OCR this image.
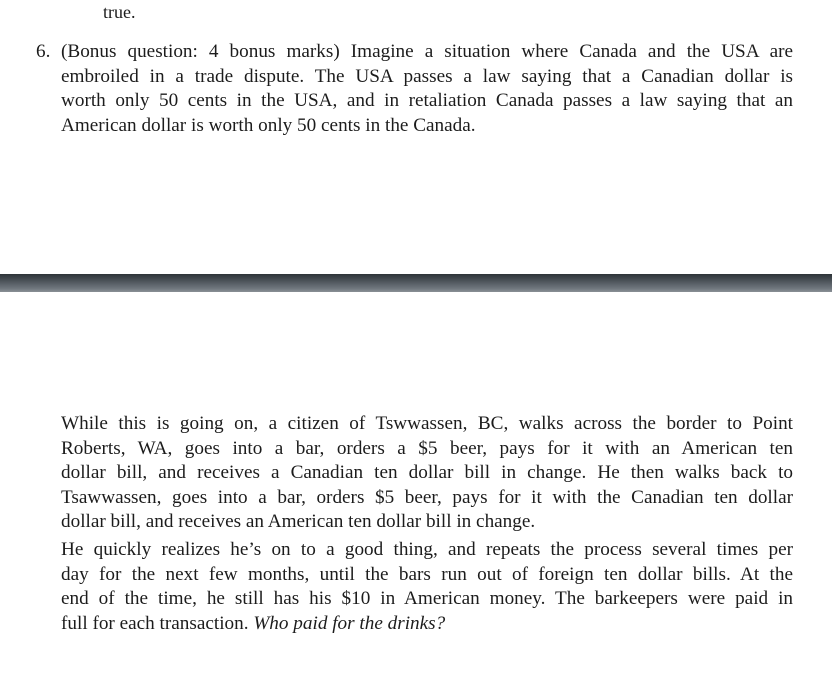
true.

6. (Bonus question: 4 bonus marks) Imagine a situation where Canada and the USA are
embroiled in a trade dispute. The USA passes a law saying that a Canadian dollar is
worth only 50 cents in the USA, and in retaliation Canada passes a law saying that an
American dollar is worth only 50 cents in the Canada.

While this is going on, a citizen of Tswwassen, BC, walks across the border to Point
Roberts, WA, goes into a bar, orders a $5 beer, pays for it with an American ten
dollar bill, and receives a Canadian ten dollar bill in change. He then walks back to
Tsawwassen, goes into a bar, orders $5 beer, pays for it with the Canadian ten dollar
dollar bill, and receives an American ten dollar bill in change.

He quickly realizes he’s on to a good thing, and repeats the process several times per
day for the next few months, until the bars run out of foreign ten dollar bills. At the
end of the time, he still has his $10 in American money. The barkeepers were paid in
full for each transaction. Who paid for the drinks?
